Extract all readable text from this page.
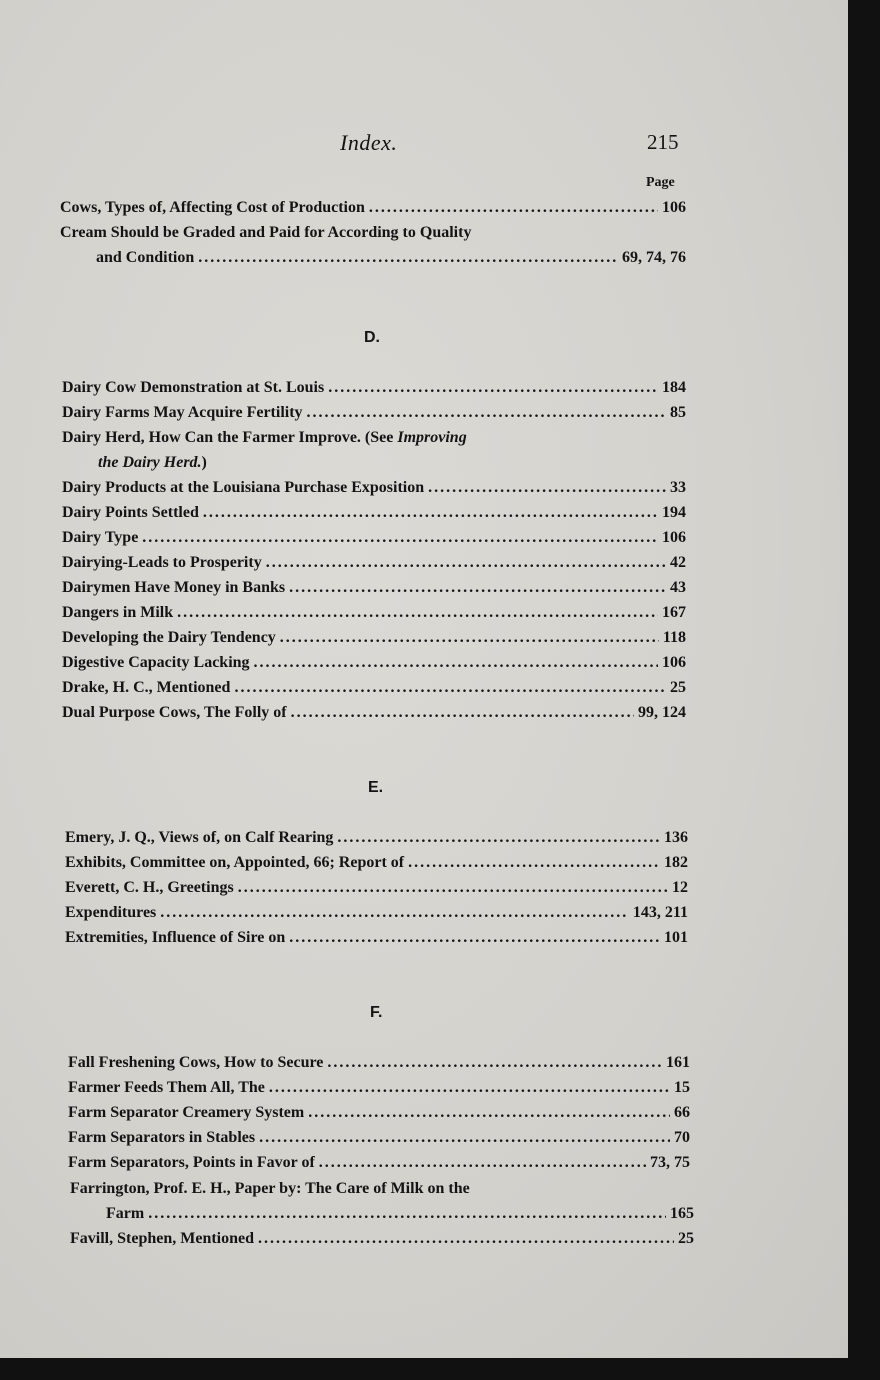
Index.	215
Page
Cows, Types of, Affecting Cost of Production .....	106
Cream Should be Graded and Paid for According to Quality
and Condition .....	69, 74, 76
D.
Dairy Cow Demonstration at St. Louis .....	184
Dairy Farms May Acquire Fertility .....	85
Dairy Herd, How Can the Farmer Improve. (See Improving
the Dairy Herd.)
Dairy Products at the Louisiana Purchase Exposition .....	33
Dairy Points Settled .....	194
Dairy Type .....	106
Dairying-Leads to Prosperity .....	42
Dairymen Have Money in Banks .....	43
Dangers in Milk .....	167
Developing the Dairy Tendency .....	118
Digestive Capacity Lacking .....	106
Drake, H. C., Mentioned .....	25
Dual Purpose Cows, The Folly of .....	99, 124
E.
Emery, J. Q., Views of, on Calf Rearing .....	136
Exhibits, Committee on, Appointed, 66; Report of .....	182
Everett, C. H., Greetings .....	12
Expenditures .....	143, 211
Extremities, Influence of Sire on .....	101
F.
Fall Freshening Cows, How to Secure .....	161
Farmer Feeds Them All, The .....	15
Farm Separator Creamery System .....	66
Farm Separators in Stables .....	70
Farm Separators, Points in Favor of .....	73, 75
Farrington, Prof. E. H., Paper by: The Care of Milk on the
Farm .....	165
Favill, Stephen, Mentioned .....	25
